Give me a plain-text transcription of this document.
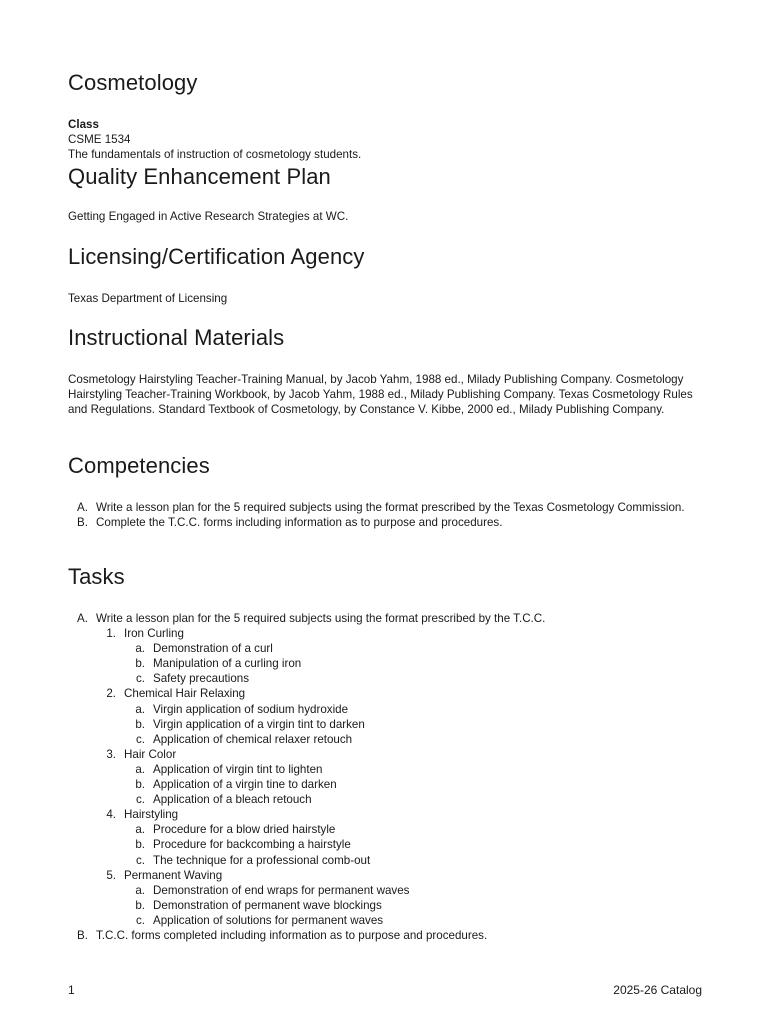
Cosmetology

Class

CSME 1534

The fundamentals of instruction of cosmetology students.

Quality Enhancement Plan

Getting Engaged in Active Research Strategies at WC.

Licensing/Certification Agency

Texas Department of Licensing

Instructional Materials

Cosmetology Hairstyling Teacher-Training Manual, by Jacob Yahm, 1988 ed., Milady Publishing Company. Cosmetology Hairstyling Teacher-Training Workbook, by Jacob Yahm, 1988 ed., Milady Publishing Company. Texas Cosmetology Rules and Regulations. Standard Textbook of Cosmetology, by Constance V. Kibbe, 2000 ed., Milady Publishing Company.

Competencies
A. Write a lesson plan for the 5 required subjects using the format prescribed by the Texas Cosmetology Commission.
B. Complete the T.C.C. forms including information as to purpose and procedures.
Tasks
A. Write a lesson plan for the 5 required subjects using the format prescribed by the T.C.C.
1. Iron Curling
a. Demonstration of a curl
b. Manipulation of a curling iron
c. Safety precautions
2. Chemical Hair Relaxing
a. Virgin application of sodium hydroxide
b. Virgin application of a virgin tint to darken
c. Application of chemical relaxer retouch
3. Hair Color
a. Application of virgin tint to lighten
b. Application of a virgin tine to darken
c. Application of a bleach retouch
4. Hairstyling
a. Procedure for a blow dried hairstyle
b. Procedure for backcombing a hairstyle
c. The technique for a professional comb-out
5. Permanent Waving
a. Demonstration of end wraps for permanent waves
b. Demonstration of permanent wave blockings
c. Application of solutions for permanent waves
B. T.C.C. forms completed including information as to purpose and procedures.
1	2025-26 Catalog
